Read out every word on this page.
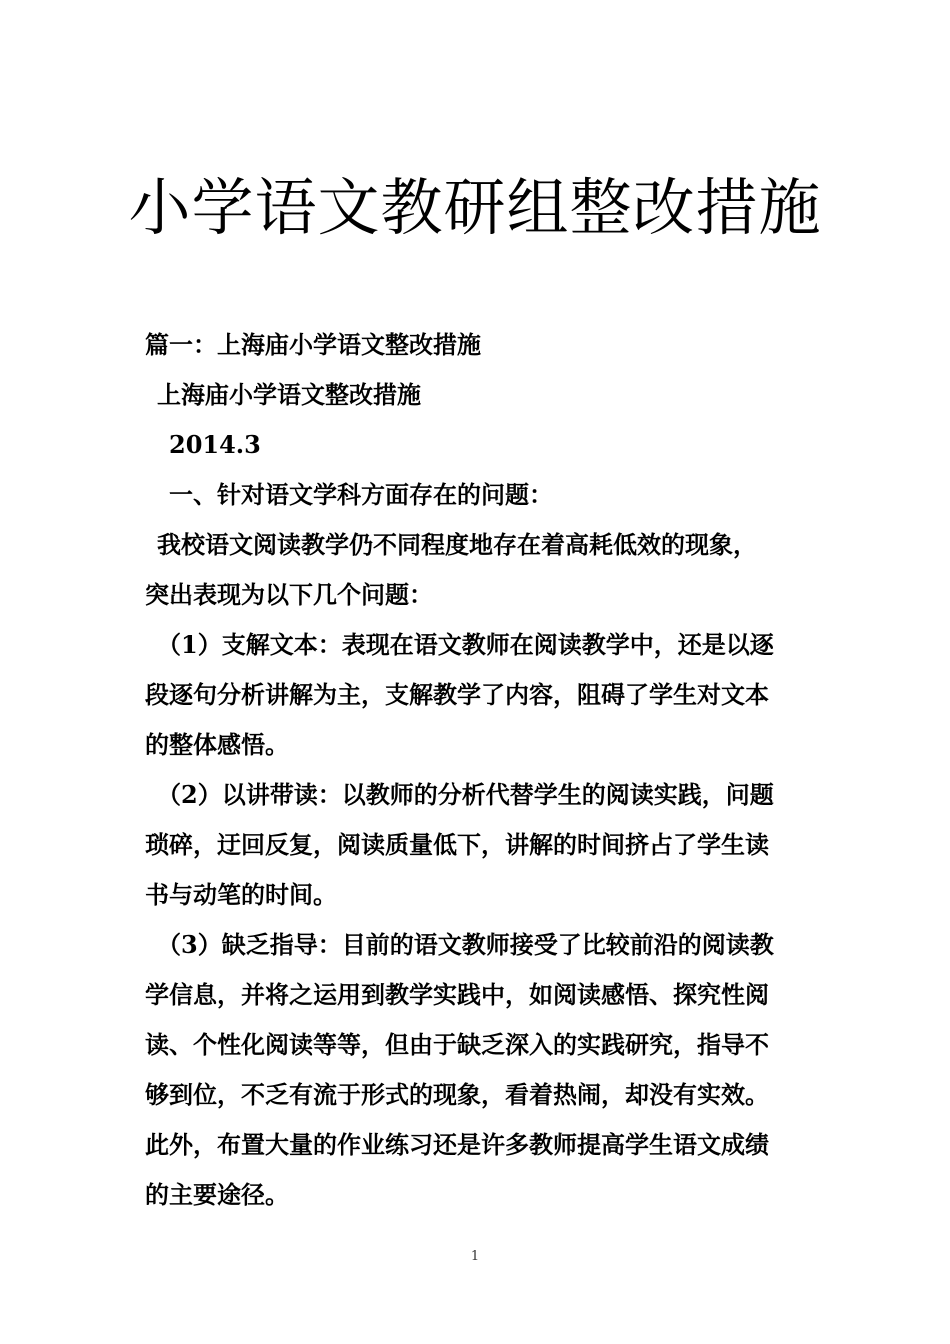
小学语文教研组整改措施

篇一：上海庙小学语文整改措施

上海庙小学语文整改措施

2014.3

一、针对语文学科方面存在的问题：

我校语文阅读教学仍不同程度地存在着高耗低效的现象，

突出表现为以下几个问题：

（1）支解文本：表现在语文教师在阅读教学中，还是以逐

段逐句分析讲解为主，支解教学了内容，阻碍了学生对文本

的整体感悟。

（2）以讲带读：以教师的分析代替学生的阅读实践，问题

琐碎，迂回反复，阅读质量低下，讲解的时间挤占了学生读

书与动笔的时间。

（3）缺乏指导：目前的语文教师接受了比较前沿的阅读教

学信息，并将之运用到教学实践中，如阅读感悟、探究性阅

读、个性化阅读等等，但由于缺乏深入的实践研究，指导不

够到位，不乏有流于形式的现象，看着热闹，却没有实效。

此外，布置大量的作业练习还是许多教师提高学生语文成绩

的主要途径。

1
